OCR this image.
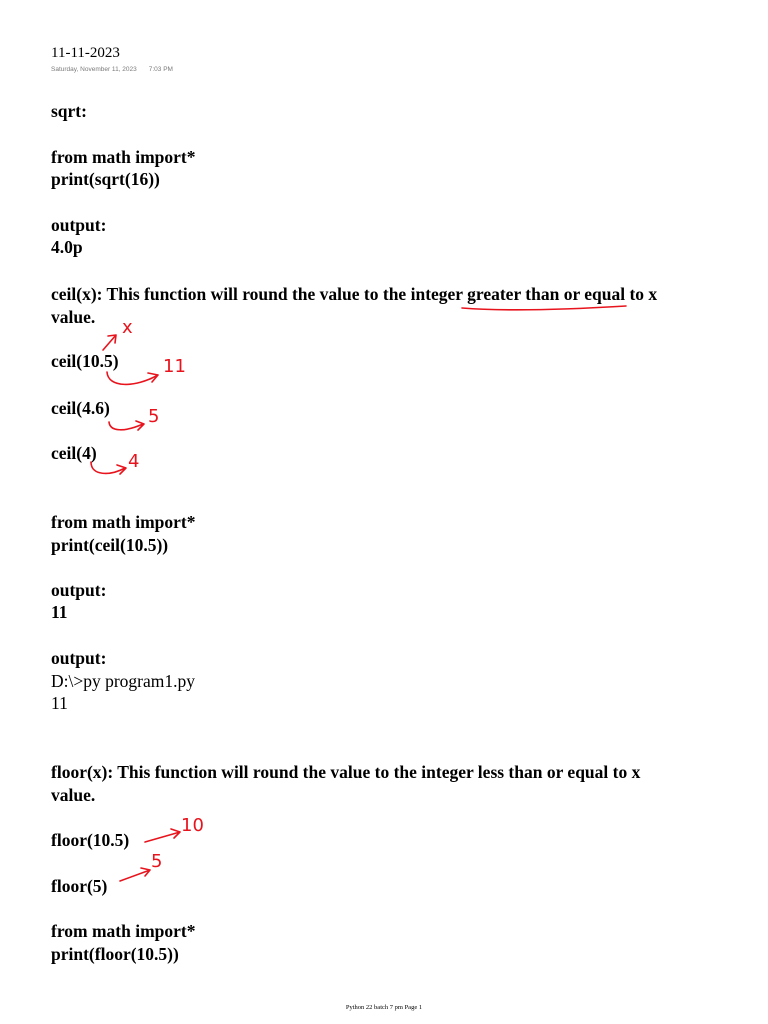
11-11-2023
Saturday, November 11, 2023 7:03 PM
sqrt:
from math import*
print(sqrt(16))
output:
4.0p
ceil(x): This function will round the value to the integer greater than or equal to x
value.
ceil(10.5)
ceil(4.6)
ceil(4)
from math import*
print(ceil(10.5))
output:
11
output:
D:\>py program1.py
11
floor(x): This function will round the value to the integer less than or equal to x
value.
floor(10.5)
floor(5)
from math import*
print(floor(10.5))
Python 22 batch 7 pm Page 1
x
11
5
4
10
5
